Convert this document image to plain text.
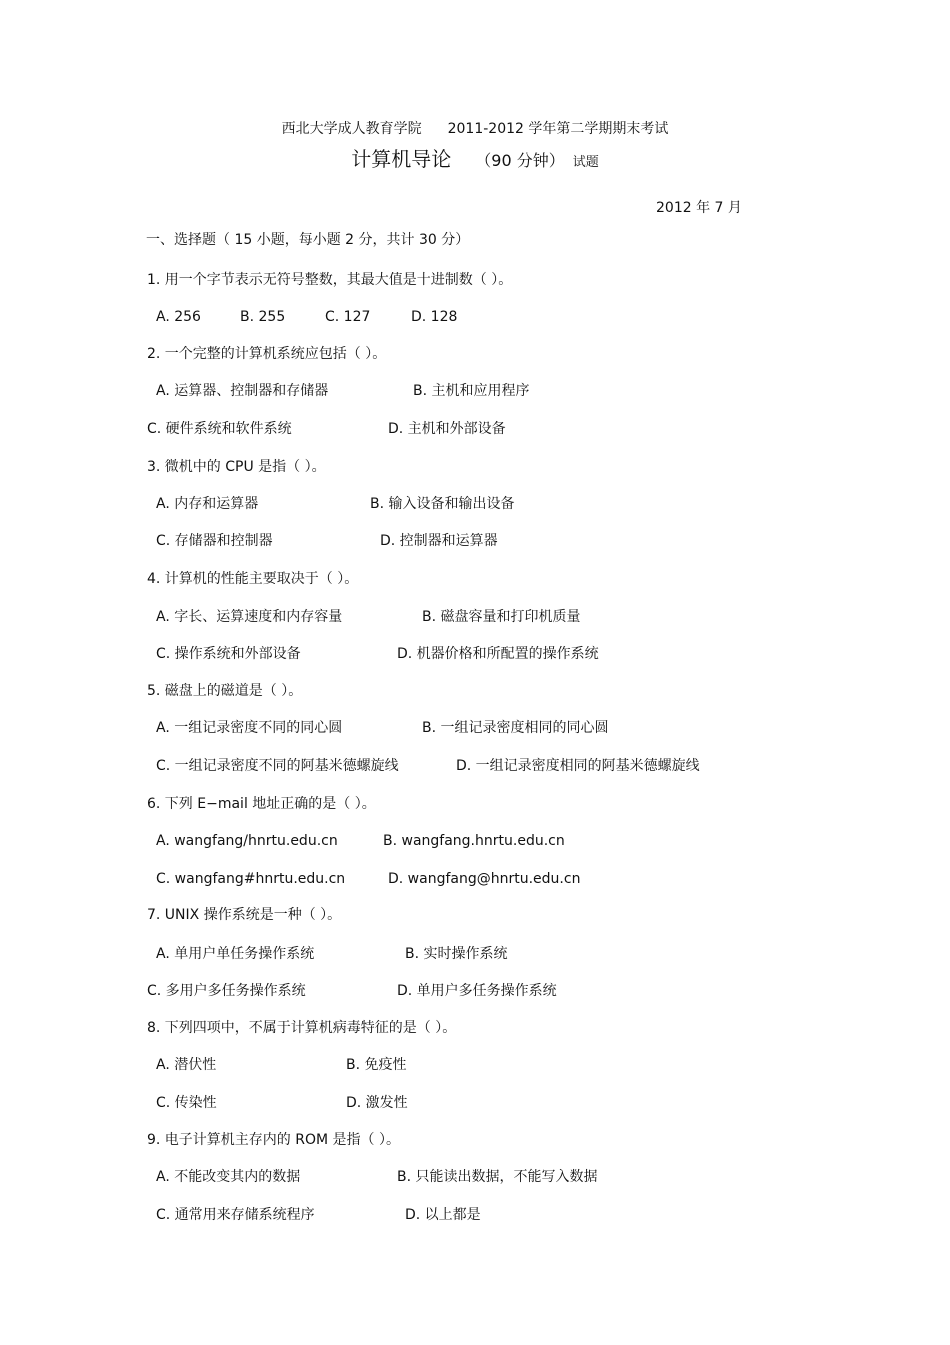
西北大学成人教育学院 2011-2012 学年第二学期期末考试
计算机导论 （90 分钟） 试题
2012 年 7 月
一、选择题（ 15 小题，每小题 2 分，共计 30 分）
1. 用一个字节表示无符号整数，其最大值是十进制数（ ）。
A. 256	B. 255	C. 127	D. 128
2. 一个完整的计算机系统应包括（ ）。
A. 运算器、控制器和存储器	B. 主机和应用程序
C. 硬件系统和软件系统	D. 主机和外部设备
3. 微机中的 CPU 是指（ ）。
A. 内存和运算器	B. 输入设备和输出设备
C. 存储器和控制器	D. 控制器和运算器
4. 计算机的性能主要取决于（ ）。
A. 字长、运算速度和内存容量	B. 磁盘容量和打印机质量
C. 操作系统和外部设备	D. 机器价格和所配置的操作系统
5. 磁盘上的磁道是（ ）。
A. 一组记录密度不同的同心圆	B. 一组记录密度相同的同心圆
C. 一组记录密度不同的阿基米德螺旋线	D. 一组记录密度相同的阿基米德螺旋线
6. 下列 E−mail 地址正确的是（ ）。
A. wangfang/hnrtu.edu.cn	B. wangfang.hnrtu.edu.cn
C. wangfang#hnrtu.edu.cn	D. wangfang@hnrtu.edu.cn
7. UNIX 操作系统是一种（ ）。
A. 单用户单任务操作系统	B. 实时操作系统
C. 多用户多任务操作系统	D. 单用户多任务操作系统
8. 下列四项中，不属于计算机病毒特征的是（ ）。
A. 潜伏性	B. 免疫性
C. 传染性	D. 激发性
9. 电子计算机主存内的 ROM 是指（ ）。
A. 不能改变其内的数据	B. 只能读出数据，不能写入数据
C. 通常用来存储系统程序	D. 以上都是
